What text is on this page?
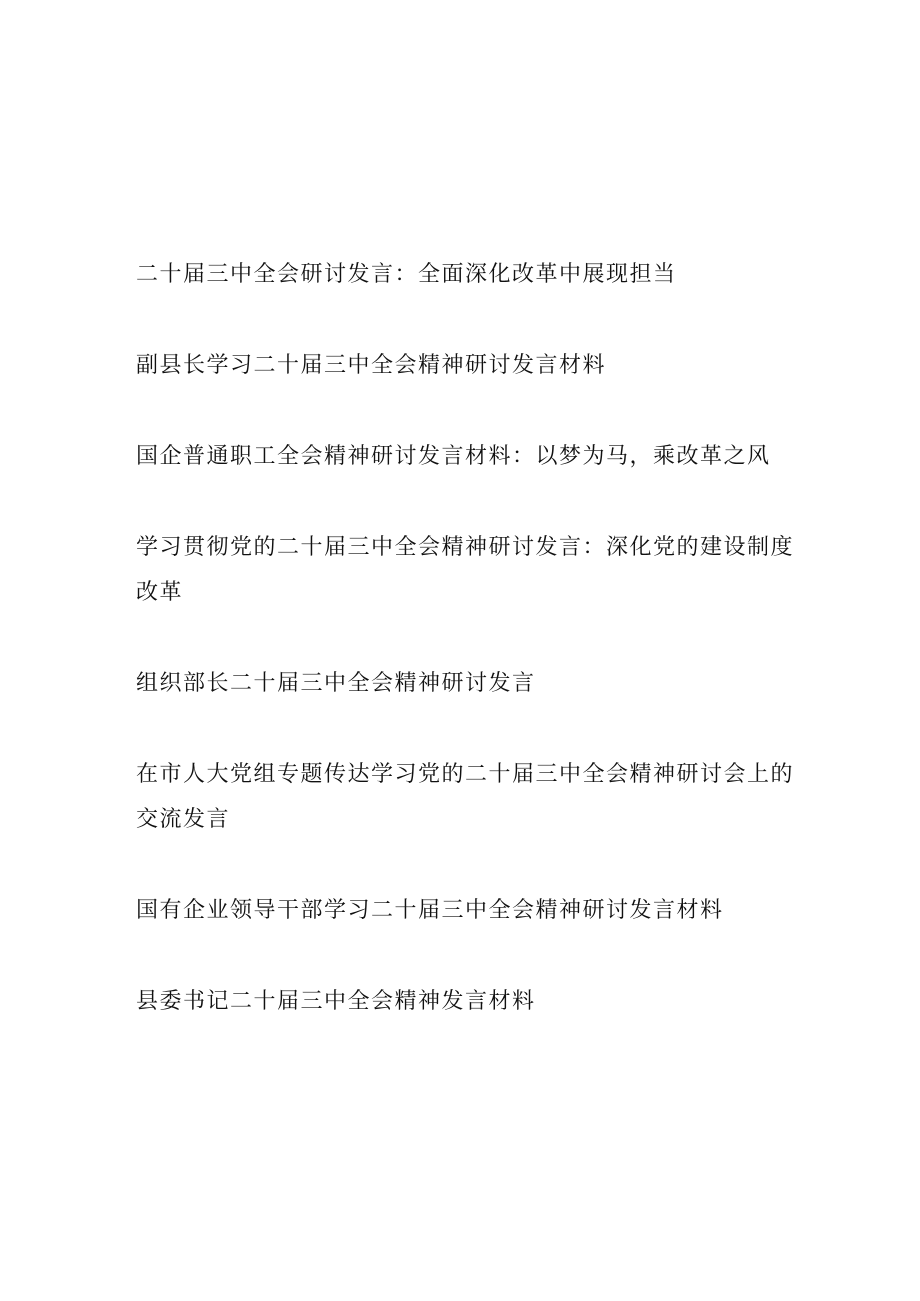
二十届三中全会研讨发言：全面深化改革中展现担当
副县长学习二十届三中全会精神研讨发言材料
国企普通职工全会精神研讨发言材料：以梦为马，乘改革之风
学习贯彻党的二十届三中全会精神研讨发言：深化党的建设制度改革
组织部长二十届三中全会精神研讨发言
在市人大党组专题传达学习党的二十届三中全会精神研讨会上的交流发言
国有企业领导干部学习二十届三中全会精神研讨发言材料
县委书记二十届三中全会精神发言材料
